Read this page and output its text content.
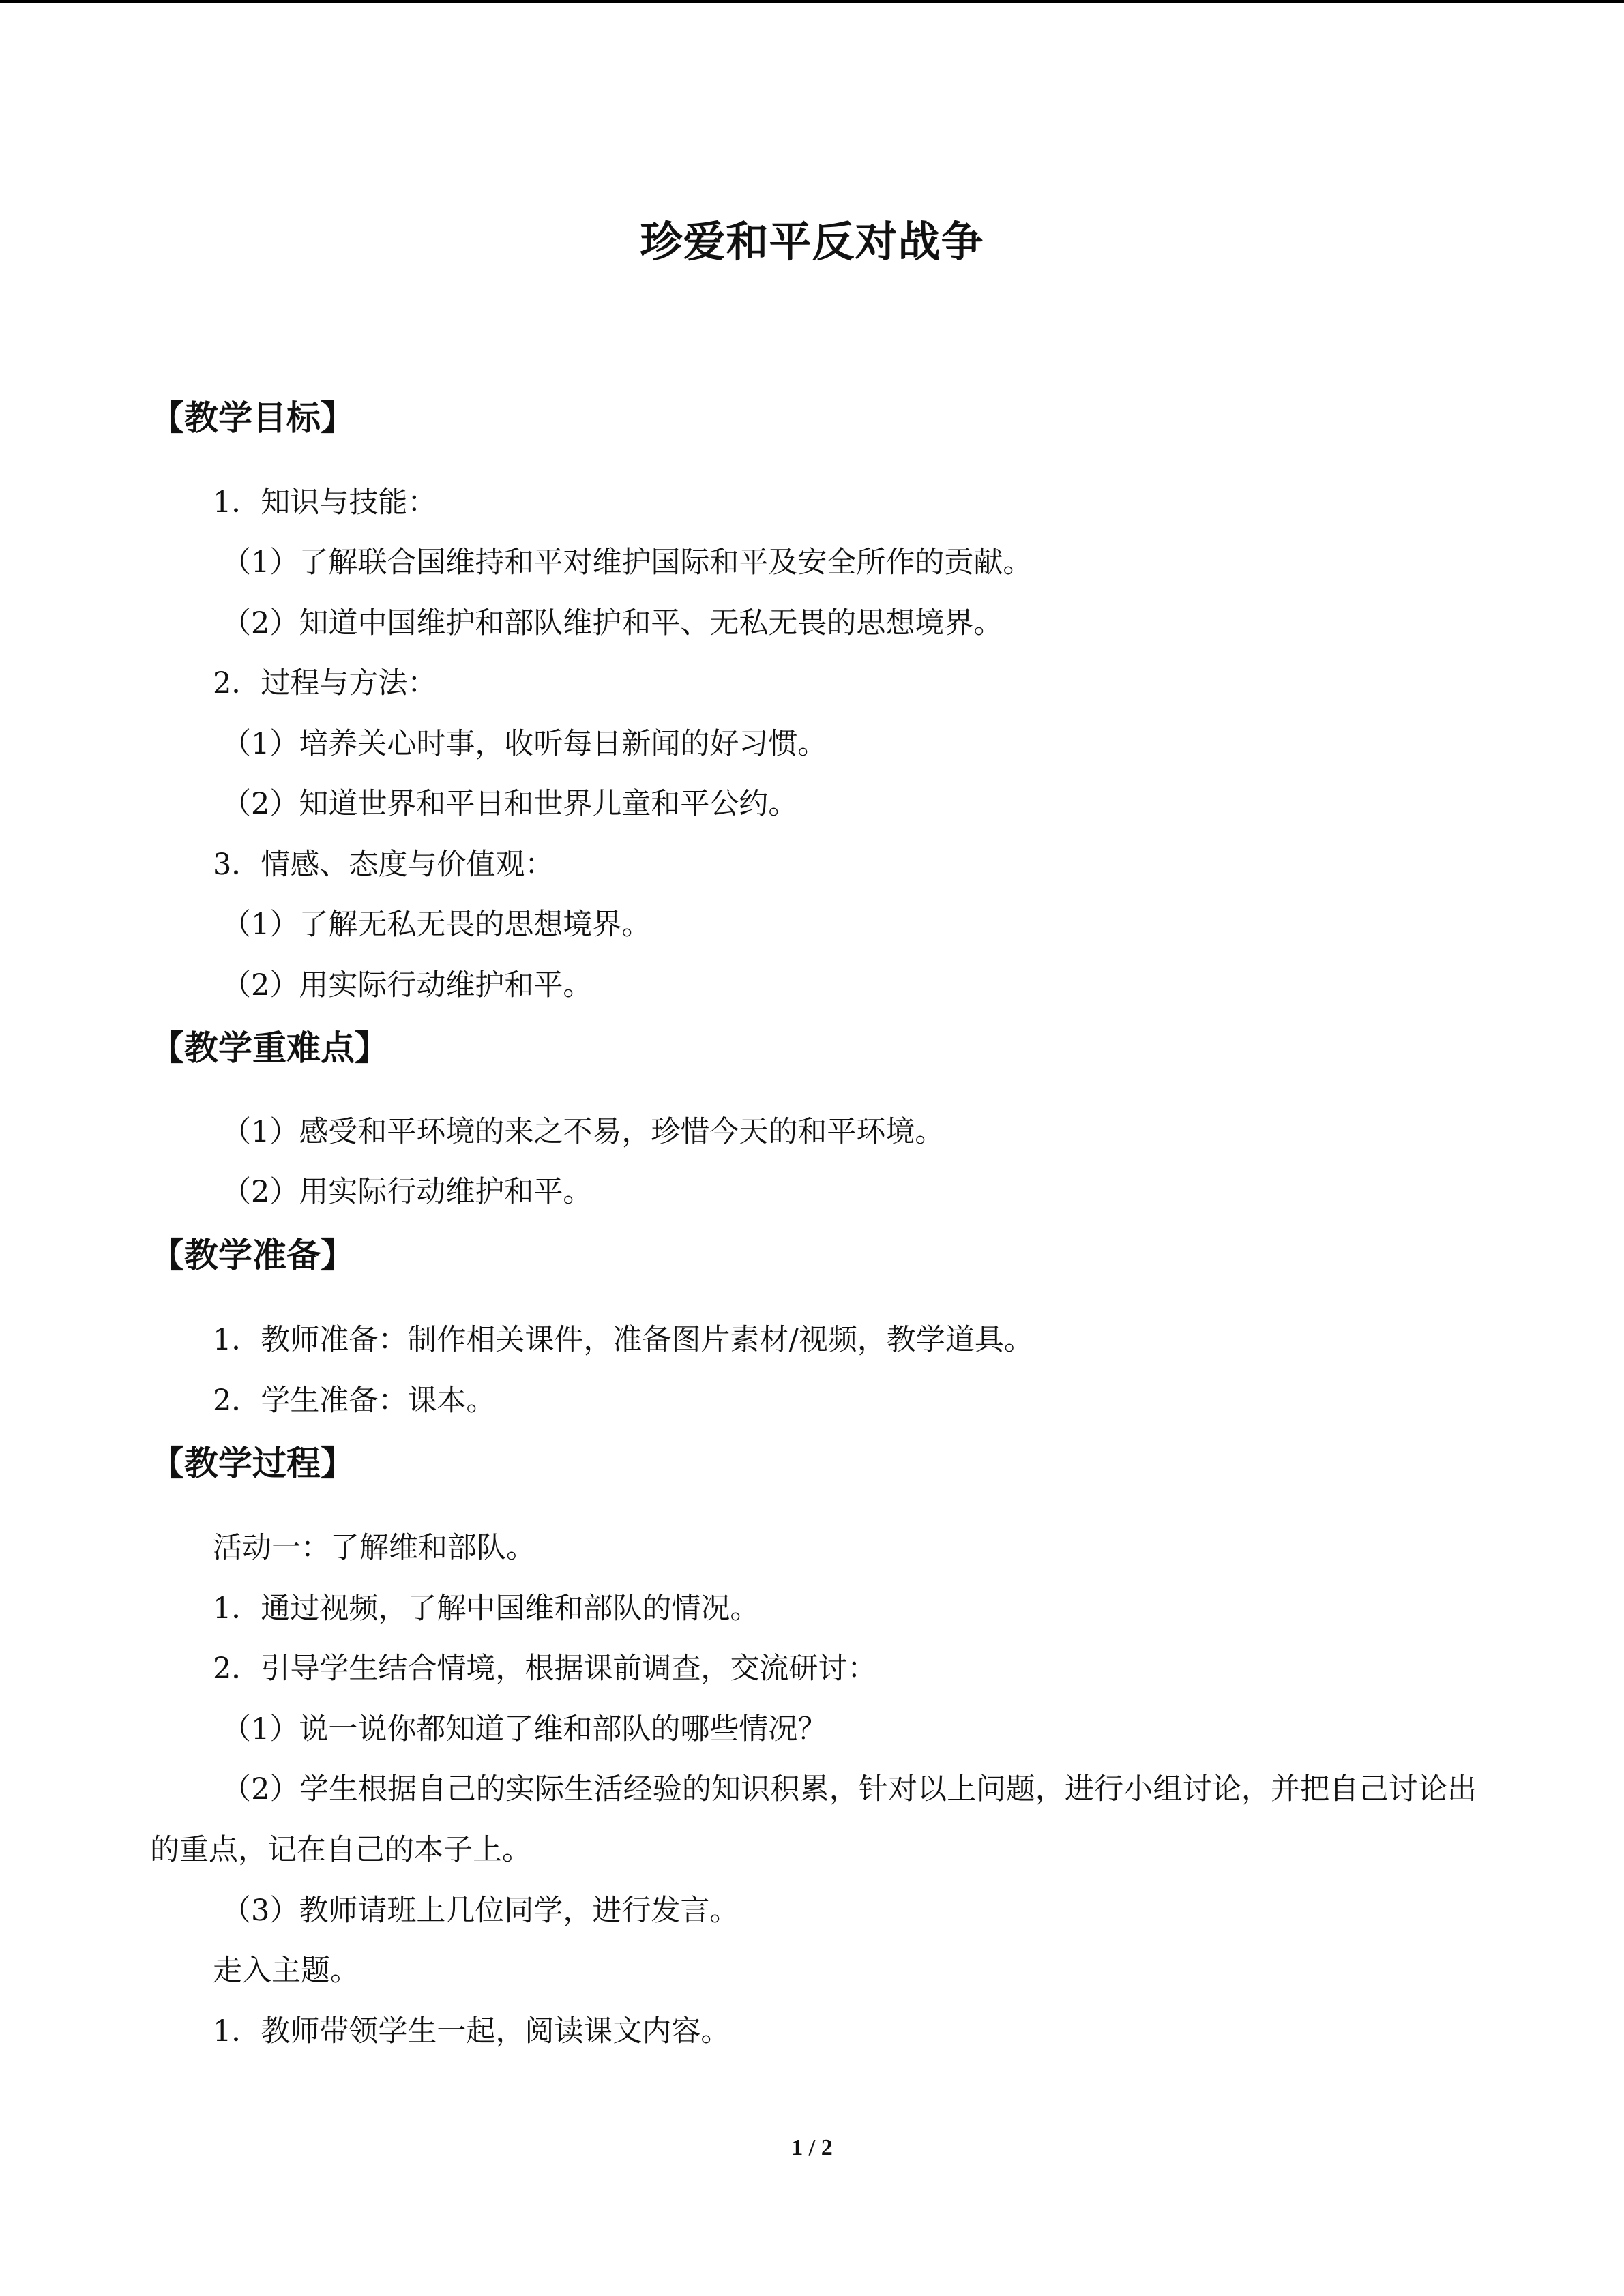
珍爱和平反对战争
【教学目标】

1．知识与技能：

（1）了解联合国维持和平对维护国际和平及安全所作的贡献。

（2）知道中国维护和部队维护和平、无私无畏的思想境界。

2．过程与方法：

（1）培养关心时事，收听每日新闻的好习惯。

（2）知道世界和平日和世界儿童和平公约。

3．情感、态度与价值观：

（1）了解无私无畏的思想境界。

（2）用实际行动维护和平。

【教学重难点】

（1）感受和平环境的来之不易，珍惜今天的和平环境。

（2）用实际行动维护和平。

【教学准备】

1．教师准备：制作相关课件，准备图片素材/视频，教学道具。

2．学生准备：课本。

【教学过程】

活动一：了解维和部队。

1．通过视频，了解中国维和部队的情况。

2．引导学生结合情境，根据课前调查，交流研讨：

（1）说一说你都知道了维和部队的哪些情况？

（2）学生根据自己的实际生活经验的知识积累，针对以上问题，进行小组讨论，并把自己讨论出的重点，记在自己的本子上。

（3）教师请班上几位同学，进行发言。

走入主题。

1．教师带领学生一起，阅读课文内容。

1 / 2
